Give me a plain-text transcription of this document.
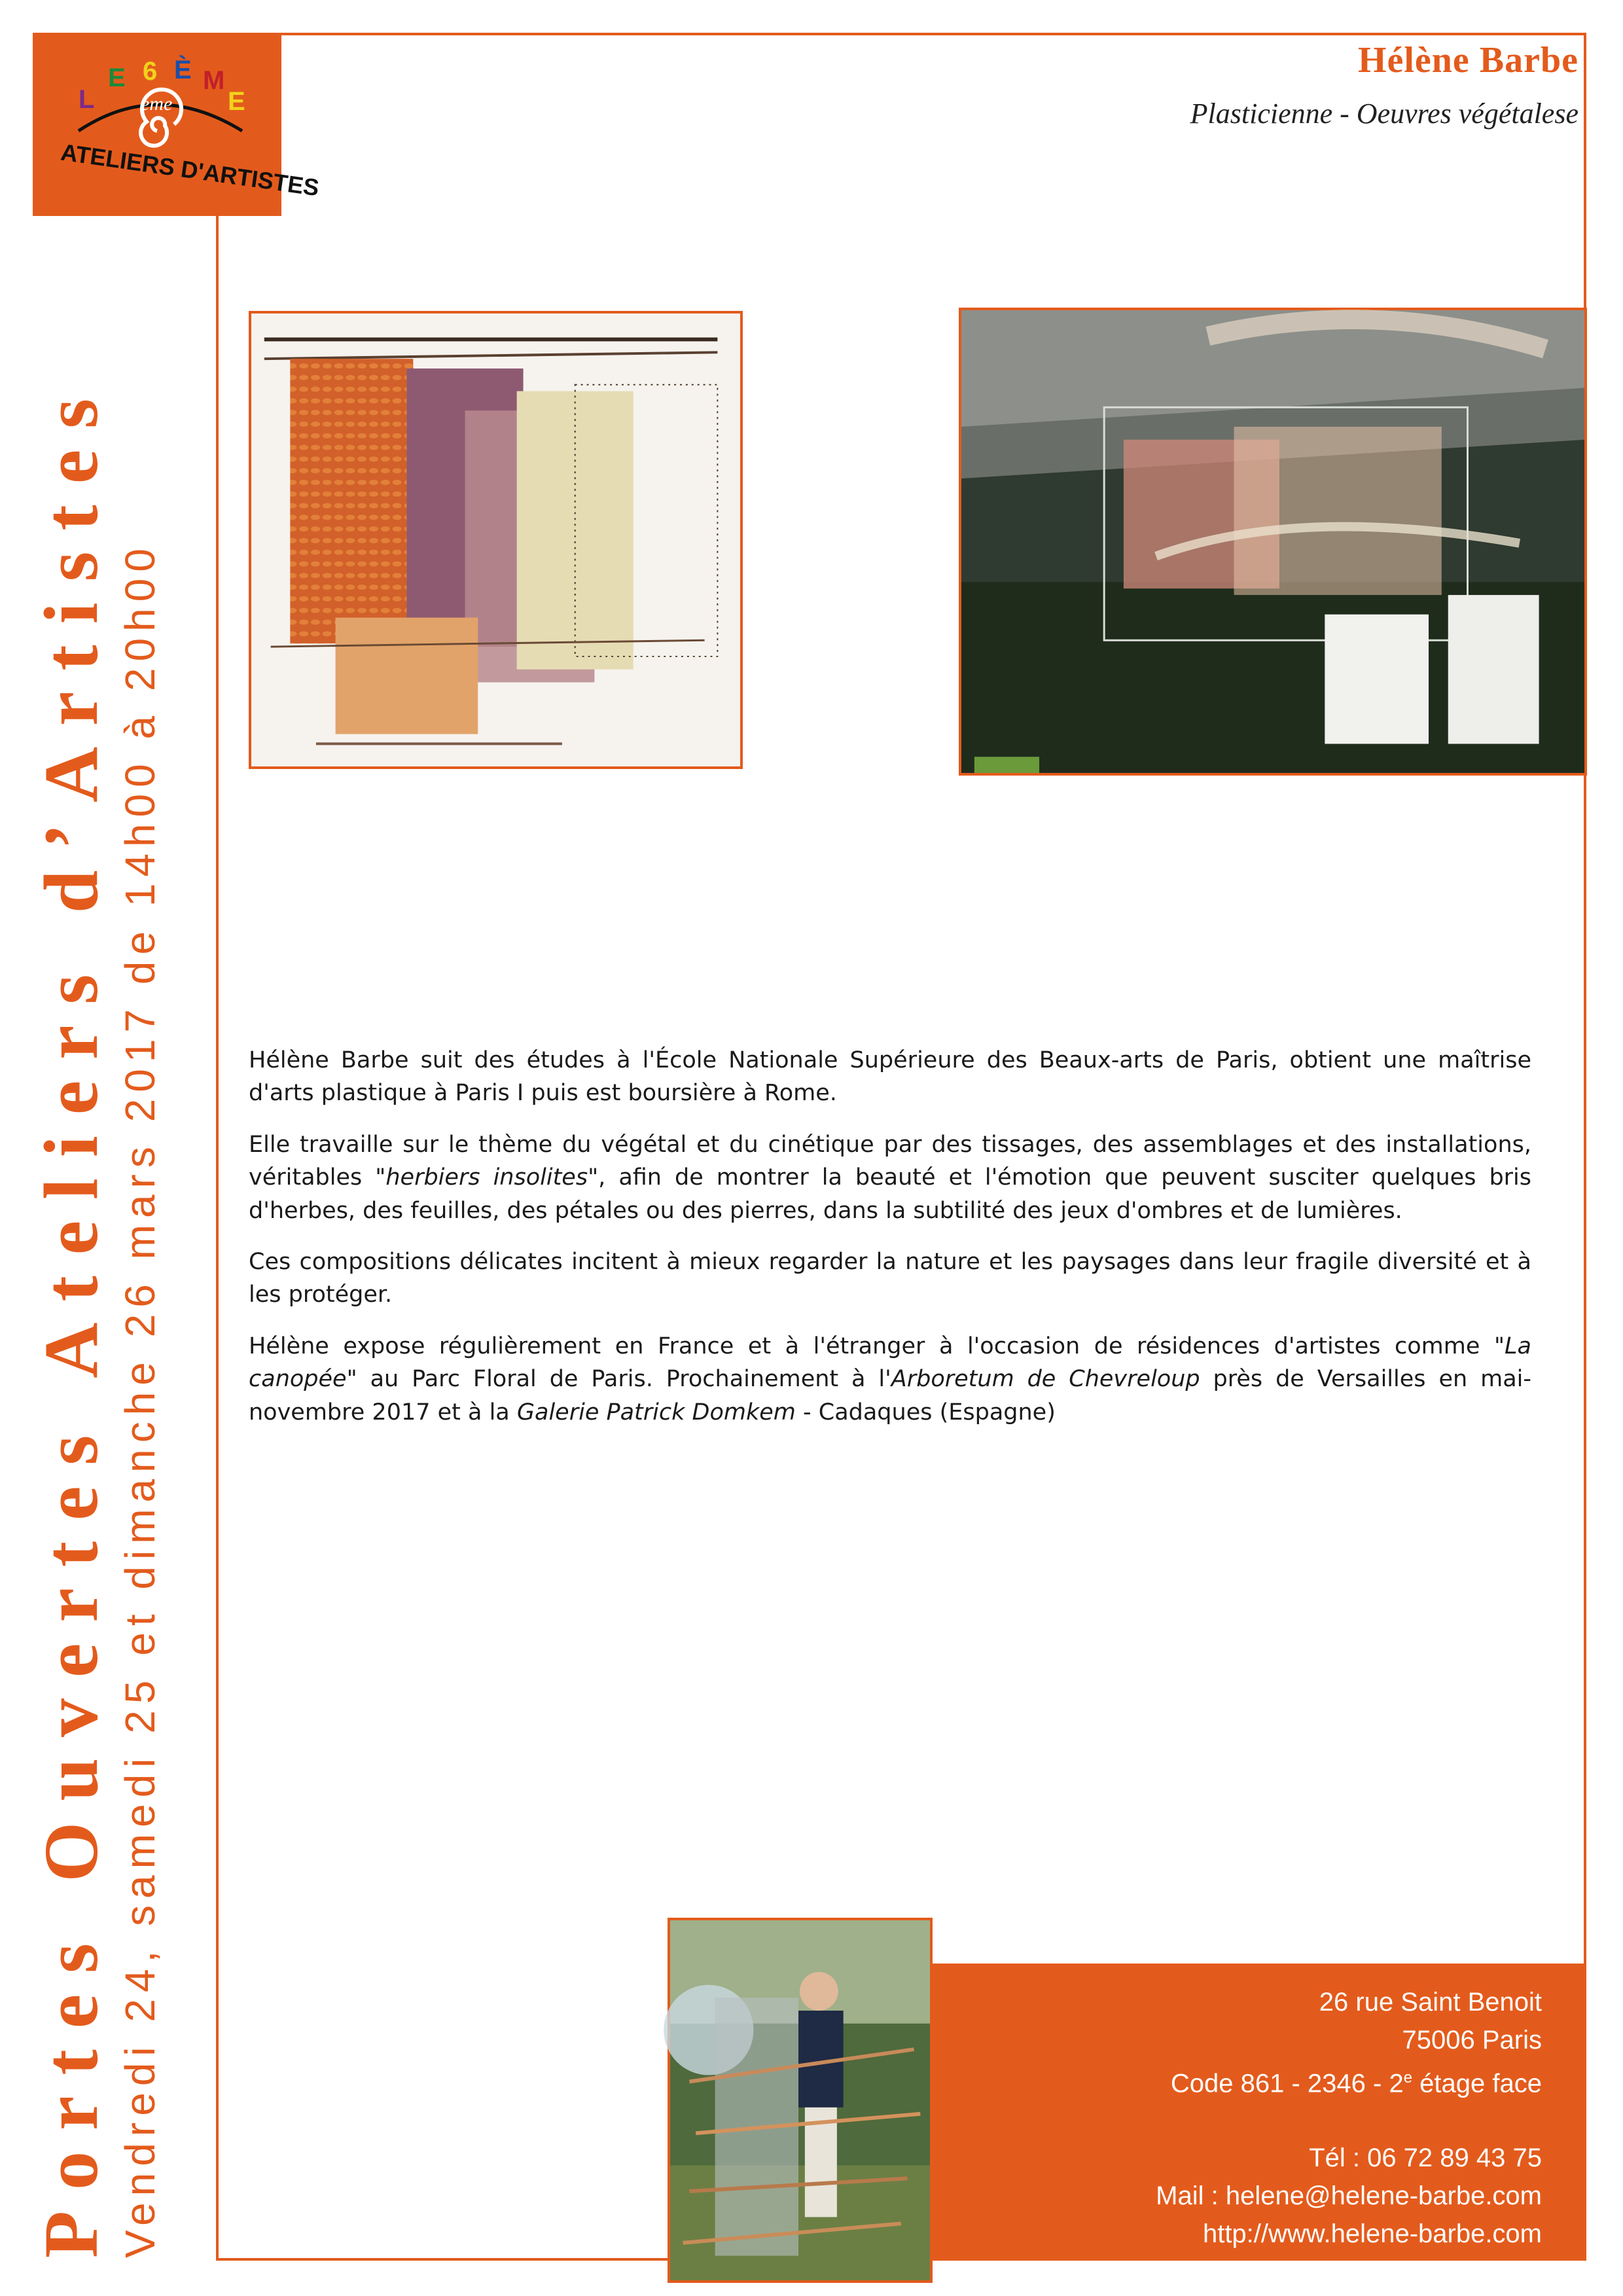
L
E 6 È M
E
eme
ATELIERS D'ARTISTES
Hélène Barbe
Plasticienne - Oeuvres végétalese
Portes Ouvertes Ateliers d’Artistes Vendredi 24, samedi 25 et dimanche 26 mars 2017 de 14h00 à 20h00	Hélène Barbe suit des études à l'École Nationale Supérieure des Beaux-arts de Paris, obtient une maîtrise d'arts plastique à Paris I puis est boursière à Rome.

Elle travaille sur le thème du végétal et du cinétique par des tissages, des assemblages et des installations, véritables "herbiers insolites", afin de montrer la beauté et l'émotion que peuvent susciter quelques bris d'herbes, des feuilles, des pétales ou des pierres, dans la subtilité des jeux d'ombres et de lumières.

Ces compositions délicates incitent à mieux regarder la nature et les paysages dans leur fragile diversité et à les protéger.

Hélène expose régulièrement en France et à l'étranger à l'occasion de résidences d'artistes comme "La canopée" au Parc Floral de Paris. Prochainement à l'Arboretum de Chevreloup près de Versailles en mai-novembre 2017 et à la Galerie Patrick Domkem - Cadaques (Espagne)

26 rue Saint Benoit
75006 Paris
Code 861 - 2346 - 2e étage face
Tél : 06 72 89 43 75
Mail : helene@helene-barbe.com
http://www.helene-barbe.com
